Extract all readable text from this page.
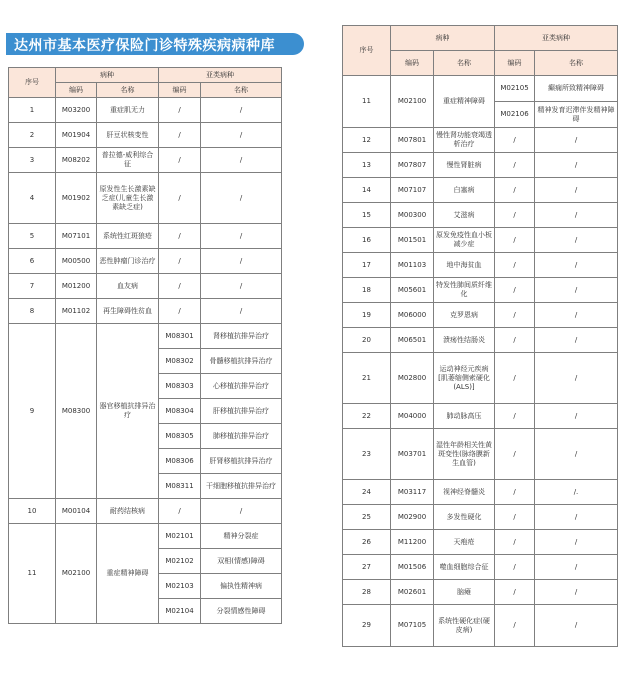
达州市基本医疗保险门诊特殊疾病病种库
序号	病种		亚类病种	
	编码	名称	编码	名称
1	M03200	重症肌无力	/	/
2	M01904	肝豆状核变性	/	/
3	M08202	普拉德-威利综合征	/	/
4	M01902	原发性生长激素缺乏症(儿童生长激素缺乏症)	/	/
5	M07101	系统性红斑狼疮	/	/
6	M00500	恶性肿瘤门诊治疗	/	/
7	M01200	血友病	/	/
8	M01102	再生障碍性贫血	/	/
9	M08300	器官移植抗排异治疗	M08301	肾移植抗排异治疗
			M08302	骨髓移植抗排异治疗
			M08303	心移植抗排异治疗
			M08304	肝移植抗排异治疗
			M08305	肺移植抗排异治疗
			M08306	肝肾移植抗排异治疗
			M08311	干细胞移植抗排异治疗
10	M00104	耐药结核病	/	/
11	M02100	重症精神障碍	M02101	精神分裂症
			M02102	双相(情感)障碍
			M02103	偏执性精神病
			M02104	分裂情感性障碍
序号	病种		亚类病种	
	编码	名称	编码	名称
11	M02100	重症精神障碍	M02105	癫痫所致精神障碍
			M02106	精神发育迟滞伴发精神障碍
12	M07801	慢性肾功能衰竭透析治疗	/	/
13	M07807	慢性肾脏病	/	/
14	M07107	白塞病	/	/
15	M00300	艾滋病	/	/
16	M01501	原发免疫性血小板减少症	/	/
17	M01103	地中海贫血	/	/
18	M05601	特发性肺间质纤维化	/	/
19	M06000	克罗恩病	/	/
20	M06501	溃疡性结肠炎	/	/
21	M02800	运动神经元疾病[肌萎缩侧索硬化(ALS)]	/	/
22	M04000	肺动脉高压	/	/
23	M03701	湿性年龄相关性黄斑变性(脉络膜新生血管)	/	/
24	M03117	视神经脊髓炎	/	/.
25	M02900	多发性硬化	/	/
26	M11200	天疱疮	/	/
27	M01506	噬血细胞综合征	/	/
28	M02601	脑瘫	/	/
29	M07105	系统性硬化症(硬皮病)	/	/
